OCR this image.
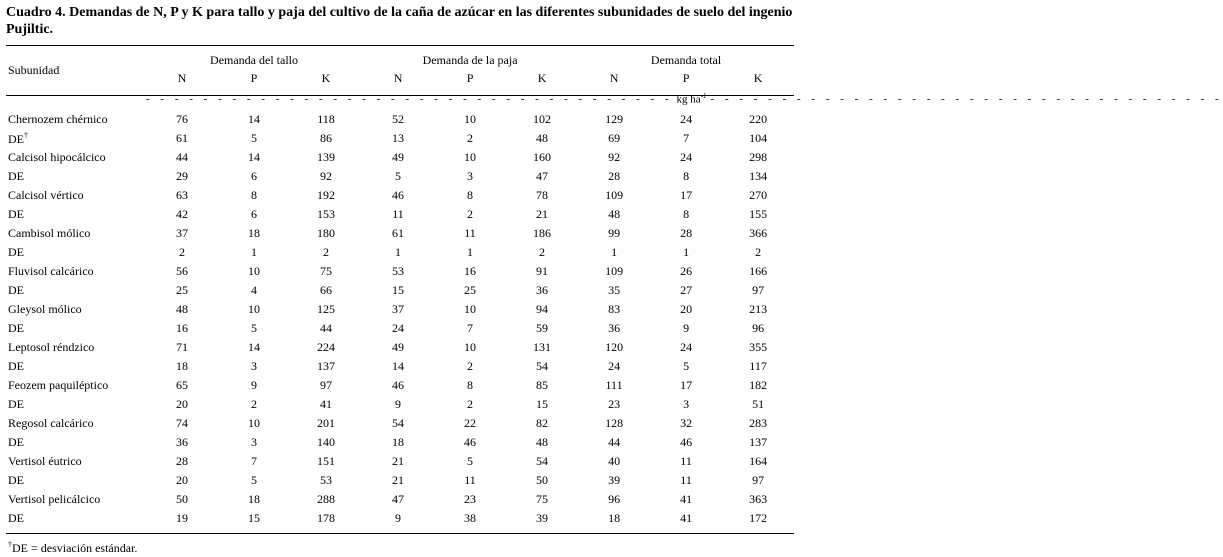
Cuadro 4. Demandas de N, P y K para tallo y paja del cultivo de la caña de azúcar en las diferentes subunidades de suelo del ingenio Pujiltic.
Subunidad	Demanda del tallo			Demanda de la paja			Demanda total		
	N	P	K	N	P	K	N	P	K

- - - - - - - - - - - - - - - - - - - - - - - - - - - - - - - - - - - - - kg $ha^{-1}$ - - - - - - - - - - - - - - - - - - - - - - - - - - - - - - - - - - - -									

Chernozem chérnico	76	14	118	52	10	102	129	24	220
DE†	61	5	86	13	2	48	69	7	104
Calcisol hipocálcico	44	14	139	49	10	160	92	24	298
DE	29	6	92	5	3	47	28	8	134
Calcisol vértico	63	8	192	46	8	78	109	17	270
DE	42	6	153	11	2	21	48	8	155
Cambisol mólico	37	18	180	61	11	186	99	28	366
DE	2	1	2	1	1	2	1	1	2
Fluvisol calcárico	56	10	75	53	16	91	109	26	166
DE	25	4	66	15	25	36	35	27	97
Gleysol mólico	48	10	125	37	10	94	83	20	213
DE	16	5	44	24	7	59	36	9	96
Leptosol réndzico	71	14	224	49	10	131	120	24	355
DE	18	3	137	14	2	54	24	5	117
Feozem paquiléptico	65	9	97	46	8	85	111	17	182
DE	20	2	41	9	2	15	23	3	51
Regosol calcárico	74	10	201	54	22	82	128	32	283
DE	36	3	140	18	46	48	44	46	137
Vertisol éutrico	28	7	151	21	5	54	40	11	164
DE	20	5	53	21	11	50	39	11	97
Vertisol pelicálcico	50	18	288	47	23	75	96	41	363
DE	19	15	178	9	38	39	18	41	172
†DE = desviación estándar.
